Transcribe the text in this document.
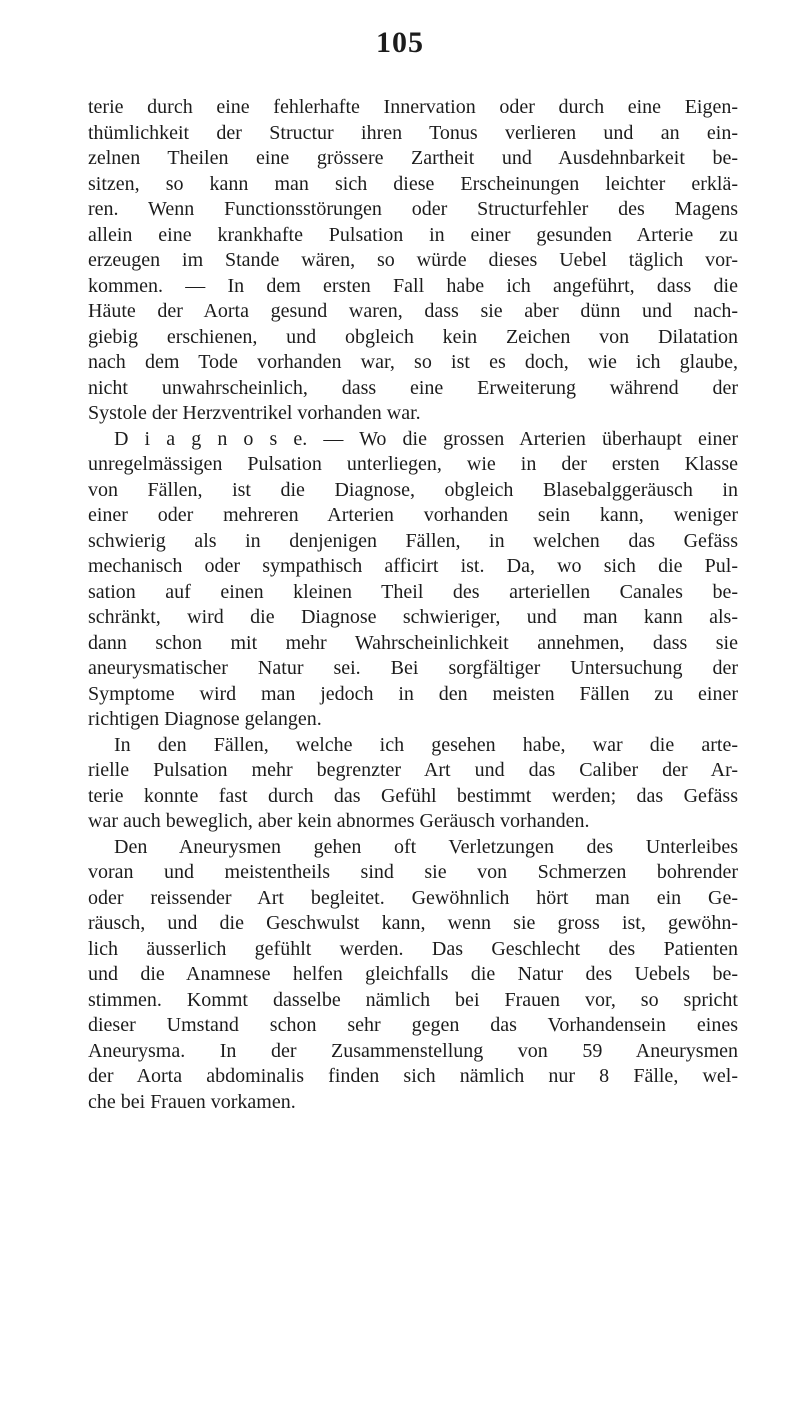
105
terie durch eine fehlerhafte Innervation oder durch eine Eigen-
thümlichkeit der Structur ihren Tonus verlieren und an ein-
zelnen Theilen eine grössere Zartheit und Ausdehnbarkeit be-
sitzen, so kann man sich diese Erscheinungen leichter erklä-
ren. Wenn Functionsstörungen oder Structurfehler des Magens
allein eine krankhafte Pulsation in einer gesunden Arterie zu
erzeugen im Stande wären, so würde dieses Uebel täglich vor-
kommen. — In dem ersten Fall habe ich angeführt, dass die
Häute der Aorta gesund waren, dass sie aber dünn und nach-
giebig erschienen, und obgleich kein Zeichen von Dilatation
nach dem Tode vorhanden war, so ist es doch, wie ich glaube,
nicht unwahrscheinlich, dass eine Erweiterung während der
Systole der Herzventrikel vorhanden war.
D i a g n o s e. — Wo die grossen Arterien überhaupt einer
unregelmässigen Pulsation unterliegen, wie in der ersten Klasse
von Fällen, ist die Diagnose, obgleich Blasebalggeräusch in
einer oder mehreren Arterien vorhanden sein kann, weniger
schwierig als in denjenigen Fällen, in welchen das Gefäss
mechanisch oder sympathisch afficirt ist. Da, wo sich die Pul-
sation auf einen kleinen Theil des arteriellen Canales be-
schränkt, wird die Diagnose schwieriger, und man kann als-
dann schon mit mehr Wahrscheinlichkeit annehmen, dass sie
aneurysmatischer Natur sei. Bei sorgfältiger Untersuchung der
Symptome wird man jedoch in den meisten Fällen zu einer
richtigen Diagnose gelangen.
In den Fällen, welche ich gesehen habe, war die arte-
rielle Pulsation mehr begrenzter Art und das Caliber der Ar-
terie konnte fast durch das Gefühl bestimmt werden; das Gefäss
war auch beweglich, aber kein abnormes Geräusch vorhanden.
Den Aneurysmen gehen oft Verletzungen des Unterleibes
voran und meistentheils sind sie von Schmerzen bohrender
oder reissender Art begleitet. Gewöhnlich hört man ein Ge-
räusch, und die Geschwulst kann, wenn sie gross ist, gewöhn-
lich äusserlich gefühlt werden. Das Geschlecht des Patienten
und die Anamnese helfen gleichfalls die Natur des Uebels be-
stimmen. Kommt dasselbe nämlich bei Frauen vor, so spricht
dieser Umstand schon sehr gegen das Vorhandensein eines
Aneurysma. In der Zusammenstellung von 59 Aneurysmen
der Aorta abdominalis finden sich nämlich nur 8 Fälle, wel-
che bei Frauen vorkamen.
